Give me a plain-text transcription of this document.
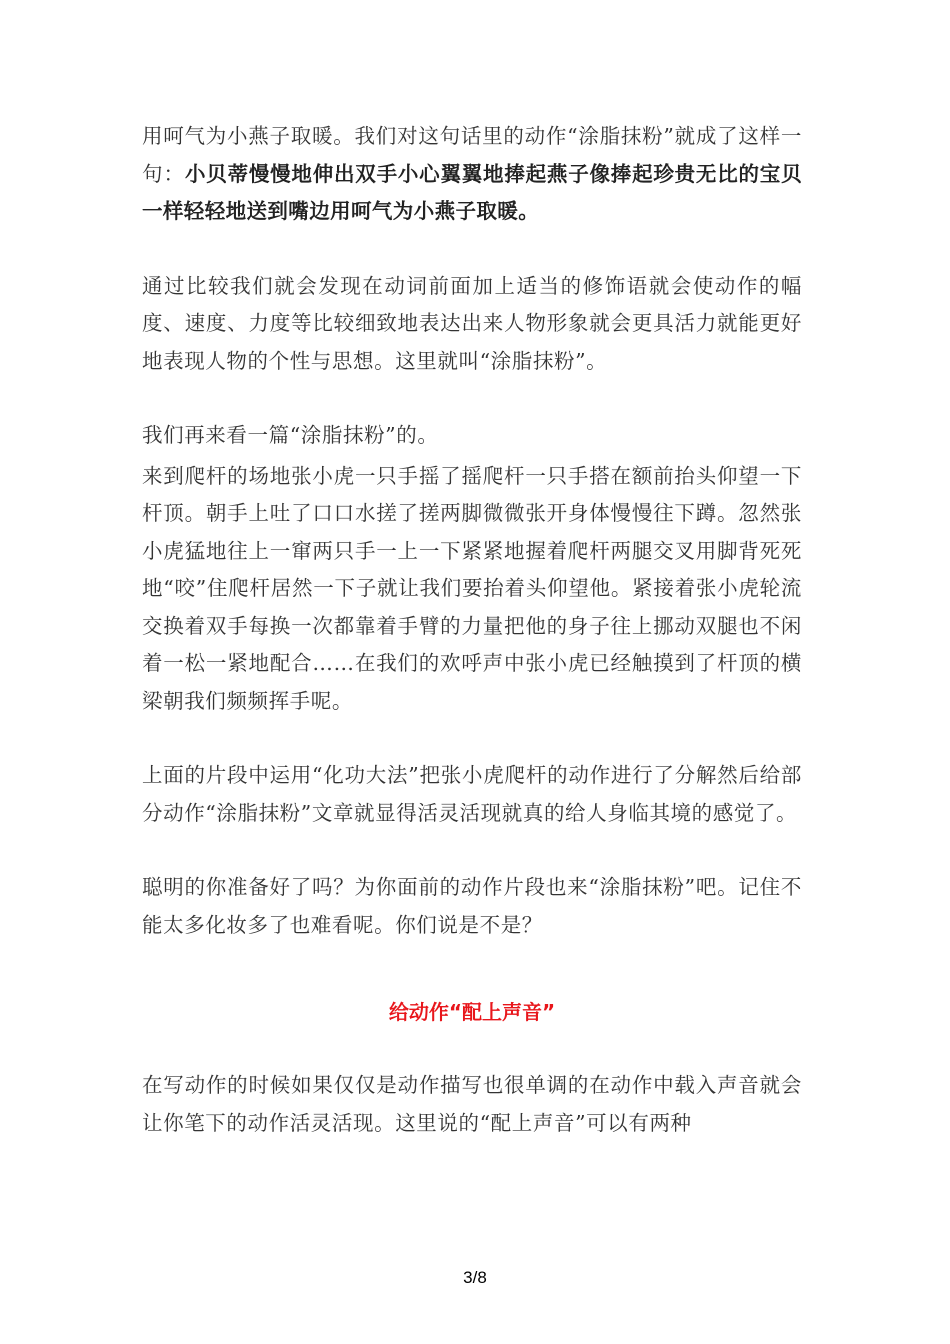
用呵气为小燕子取暖。我们对这句话里的动作“涂脂抹粉”就成了这样一句：小贝蒂慢慢地伸出双手小心翼翼地捧起燕子像捧起珍贵无比的宝贝一样轻轻地送到嘴边用呵气为小燕子取暖。

通过比较我们就会发现在动词前面加上适当的修饰语就会使动作的幅度、速度、力度等比较细致地表达出来人物形象就会更具活力就能更好地表现人物的个性与思想。这里就叫“涂脂抹粉”。

我们再来看一篇“涂脂抹粉”的。

来到爬杆的场地张小虎一只手摇了摇爬杆一只手搭在额前抬头仰望一下杆顶。朝手上吐了口口水搓了搓两脚微微张开身体慢慢往下蹲。忽然张小虎猛地往上一窜两只手一上一下紧紧地握着爬杆两腿交叉用脚背死死地“咬”住爬杆居然一下子就让我们要抬着头仰望他。紧接着张小虎轮流交换着双手每换一次都靠着手臂的力量把他的身子往上挪动双腿也不闲着一松一紧地配合……在我们的欢呼声中张小虎已经触摸到了杆顶的横梁朝我们频频挥手呢。

上面的片段中运用“化功大法”把张小虎爬杆的动作进行了分解然后给部分动作“涂脂抹粉”文章就显得活灵活现就真的给人身临其境的感觉了。

聪明的你准备好了吗？为你面前的动作片段也来“涂脂抹粉”吧。记住不能太多化妆多了也难看呢。你们说是不是？

给动作“配上声音”

在写动作的时候如果仅仅是动作描写也很单调的在动作中载入声音就会让你笔下的动作活灵活现。这里说的“配上声音”可以有两种

3/8
